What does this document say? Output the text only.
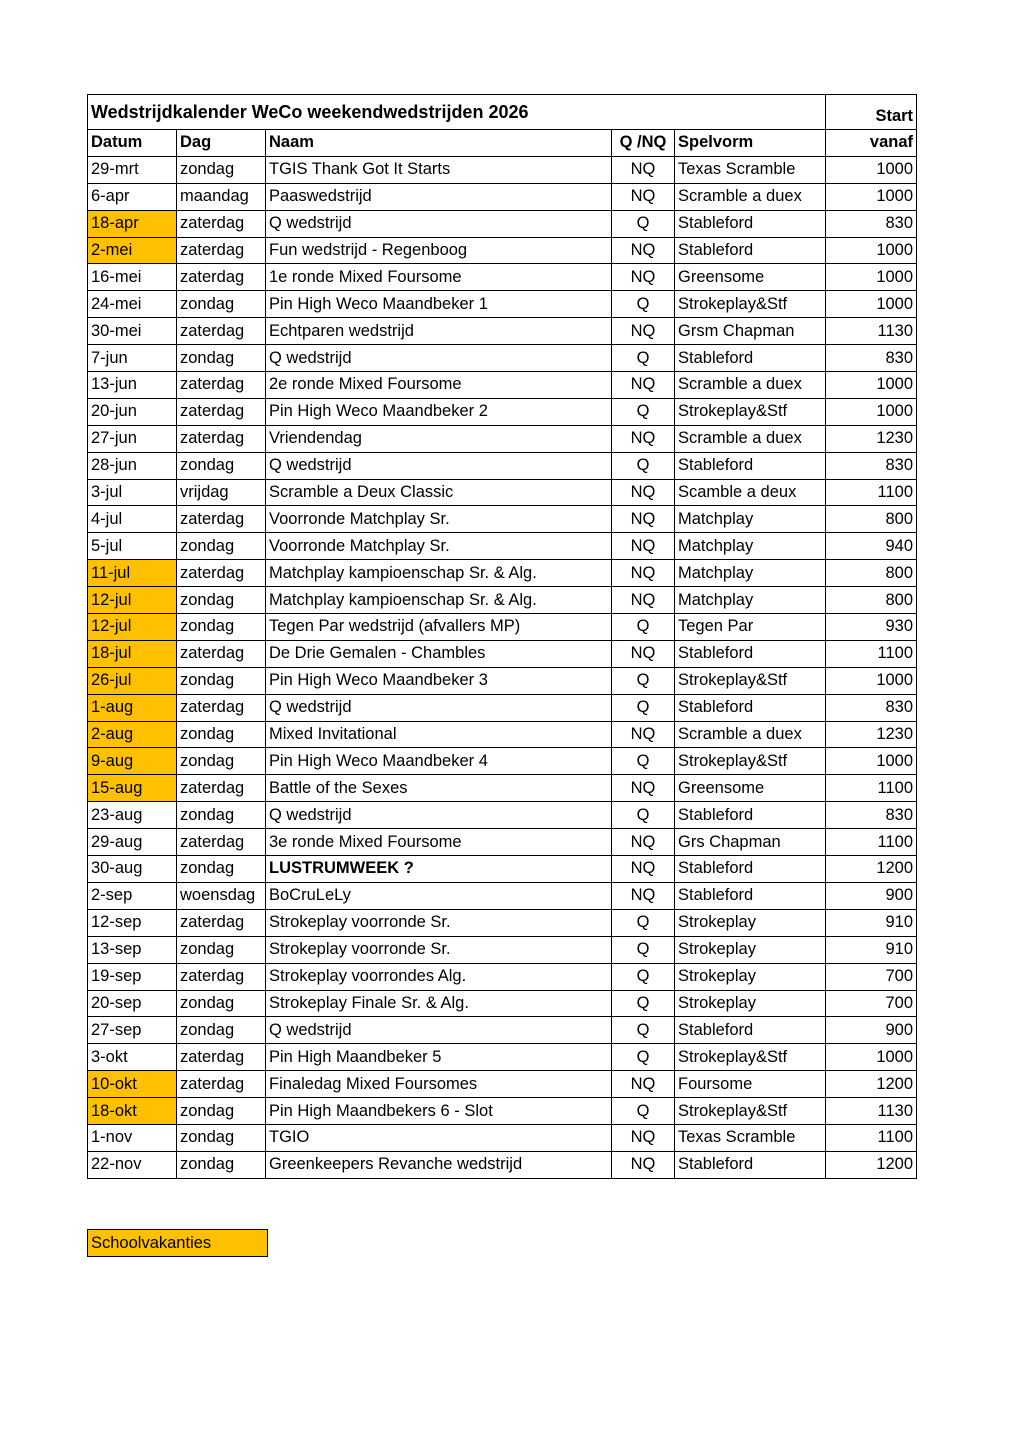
Wedstrijdkalender WeCo weekendwedstrijden 2026					Start
Datum	Dag	Naam	Q /NQ	Spelvorm	vanaf
29-mrt	zondag	TGIS Thank Got It Starts	NQ	Texas Scramble	1000
6-apr	maandag	Paaswedstrijd	NQ	Scramble a duex	1000
18-apr	zaterdag	Q wedstrijd	Q	Stableford	830
2-mei	zaterdag	Fun wedstrijd - Regenboog	NQ	Stableford	1000
16-mei	zaterdag	1e ronde Mixed Foursome	NQ	Greensome	1000
24-mei	zondag	Pin High Weco Maandbeker 1	Q	Strokeplay&Stf	1000
30-mei	zaterdag	Echtparen wedstrijd	NQ	Grsm Chapman	1130
7-jun	zondag	Q wedstrijd	Q	Stableford	830
13-jun	zaterdag	2e ronde Mixed Foursome	NQ	Scramble a duex	1000
20-jun	zaterdag	Pin High Weco Maandbeker 2	Q	Strokeplay&Stf	1000
27-jun	zaterdag	Vriendendag	NQ	Scramble a duex	1230
28-jun	zondag	Q wedstrijd	Q	Stableford	830
3-jul	vrijdag	Scramble a Deux Classic	NQ	Scamble a deux	1100
4-jul	zaterdag	Voorronde Matchplay Sr.	NQ	Matchplay	800
5-jul	zondag	Voorronde Matchplay Sr.	NQ	Matchplay	940
11-jul	zaterdag	Matchplay kampioenschap Sr. & Alg.	NQ	Matchplay	800
12-jul	zondag	Matchplay kampioenschap Sr. & Alg.	NQ	Matchplay	800
12-jul	zondag	Tegen Par wedstrijd (afvallers MP)	Q	Tegen Par	930
18-jul	zaterdag	De Drie Gemalen - Chambles	NQ	Stableford	1100
26-jul	zondag	Pin High Weco Maandbeker 3	Q	Strokeplay&Stf	1000
1-aug	zaterdag	Q wedstrijd	Q	Stableford	830
2-aug	zondag	Mixed Invitational	NQ	Scramble a duex	1230
9-aug	zondag	Pin High Weco Maandbeker 4	Q	Strokeplay&Stf	1000
15-aug	zaterdag	Battle of the Sexes	NQ	Greensome	1100
23-aug	zondag	Q wedstrijd	Q	Stableford	830
29-aug	zaterdag	3e ronde Mixed Foursome	NQ	Grs Chapman	1100
30-aug	zondag	LUSTRUMWEEK ?	NQ	Stableford	1200
2-sep	woensdag	BoCruLeLy	NQ	Stableford	900
12-sep	zaterdag	Strokeplay voorronde Sr.	Q	Strokeplay	910
13-sep	zondag	Strokeplay voorronde Sr.	Q	Strokeplay	910
19-sep	zaterdag	Strokeplay voorrondes Alg.	Q	Strokeplay	700
20-sep	zondag	Strokeplay Finale Sr. & Alg.	Q	Strokeplay	700
27-sep	zondag	Q wedstrijd	Q	Stableford	900
3-okt	zaterdag	Pin High Maandbeker 5	Q	Strokeplay&Stf	1000
10-okt	zaterdag	Finaledag Mixed Foursomes	NQ	Foursome	1200
18-okt	zondag	Pin High Maandbekers 6 - Slot	Q	Strokeplay&Stf	1130
1-nov	zondag	TGIO	NQ	Texas Scramble	1100
22-nov	zondag	Greenkeepers Revanche wedstrijd	NQ	Stableford	1200
Schoolvakanties
